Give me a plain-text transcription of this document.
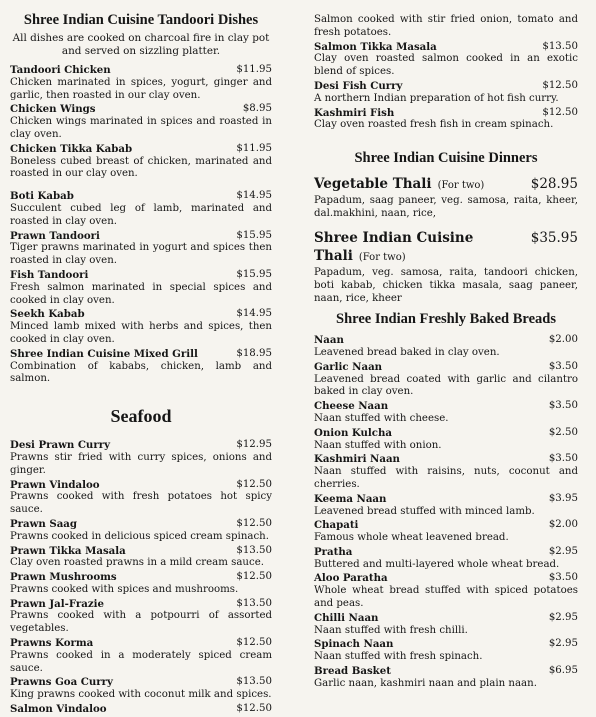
Shree Indian Cuisine Tandoori Dishes
All dishes are cooked on charcoal fire in clay pot and served on sizzling platter.
Tandoori Chicken	$11.95
Chicken marinated in spices, yogurt, ginger and garlic, then roasted in our clay oven.
Chicken Wings	$8.95
Chicken wings marinated in spices and roasted in clay oven.
Chicken Tikka Kabab	$11.95
Boneless cubed breast of chicken, marinated and roasted in our clay oven.
Boti Kabab	$14.95
Succulent cubed leg of lamb, marinated and roasted in clay oven.
Prawn Tandoori	$15.95
Tiger prawns marinated in yogurt and spices then roasted in clay oven.
Fish Tandoori	$15.95
Fresh salmon marinated in special spices and cooked in clay oven.
Seekh Kabab	$14.95
Minced lamb mixed with herbs and spices, then cooked in clay oven.
Shree Indian Cuisine Mixed Grill	$18.95
Combination of kababs, chicken, lamb and salmon.
Seafood
Desi Prawn Curry	$12.95
Prawns stir fried with curry spices, onions and ginger.
Prawn Vindaloo	$12.50
Prawns cooked with fresh potatoes hot spicy sauce.
Prawn Saag	$12.50
Prawns cooked in delicious spiced cream spinach.
Prawn Tikka Masala	$13.50
Clay oven roasted prawns in a mild cream sauce.
Prawn Mushrooms	$12.50
Prawns cooked with spices and mushrooms.
Prawn Jal-Frazie	$13.50
Prawns cooked with a potpourri of assorted vegetables.
Prawns Korma	$12.50
Prawns cooked in a moderately spiced cream sauce.
Prawns Goa Curry	$13.50
King prawns cooked with coconut milk and spices.
Salmon Vindaloo	$12.50
Salmon cooked with stir fried onion, tomato and fresh potatoes.
Salmon Tikka Masala	$13.50
Clay oven roasted salmon cooked in an exotic blend of spices.
Desi Fish Curry	$12.50
A northern Indian preparation of hot fish curry.
Kashmiri Fish	$12.50
Clay oven roasted fresh fish in cream spinach.
Shree Indian Cuisine Dinners
Vegetable Thali (For two)	$28.95
Papadum, saag paneer, veg. samosa, raita, kheer, dal.makhini, naan, rice,
Shree Indian Cuisine Thali (For two)
$35.95
Papadum, veg. samosa, raita, tandoori chicken, boti kabab, chicken tikka masala, saag paneer, naan, rice, kheer
Shree Indian Freshly Baked Breads
Naan	$2.00
Leavened bread baked in clay oven.
Garlic Naan	$3.50
Leavened bread coated with garlic and cilantro baked in clay oven.
Cheese Naan	$3.50
Naan stuffed with cheese.
Onion Kulcha	$2.50
Naan stuffed with onion.
Kashmiri Naan	$3.50
Naan stuffed with raisins, nuts, coconut and cherries.
Keema Naan	$3.95
Leavened bread stuffed with minced lamb.
Chapati	$2.00
Famous whole wheat leavened bread.
Pratha	$2.95
Buttered and multi-layered whole wheat bread.
Aloo Paratha	$3.50
Whole wheat bread stuffed with spiced potatoes and peas.
Chilli Naan	$2.95
Naan stuffed with fresh chilli.
Spinach Naan	$2.95
Naan stuffed with fresh spinach.
Bread Basket	$6.95
Garlic naan, kashmiri naan and plain naan.
